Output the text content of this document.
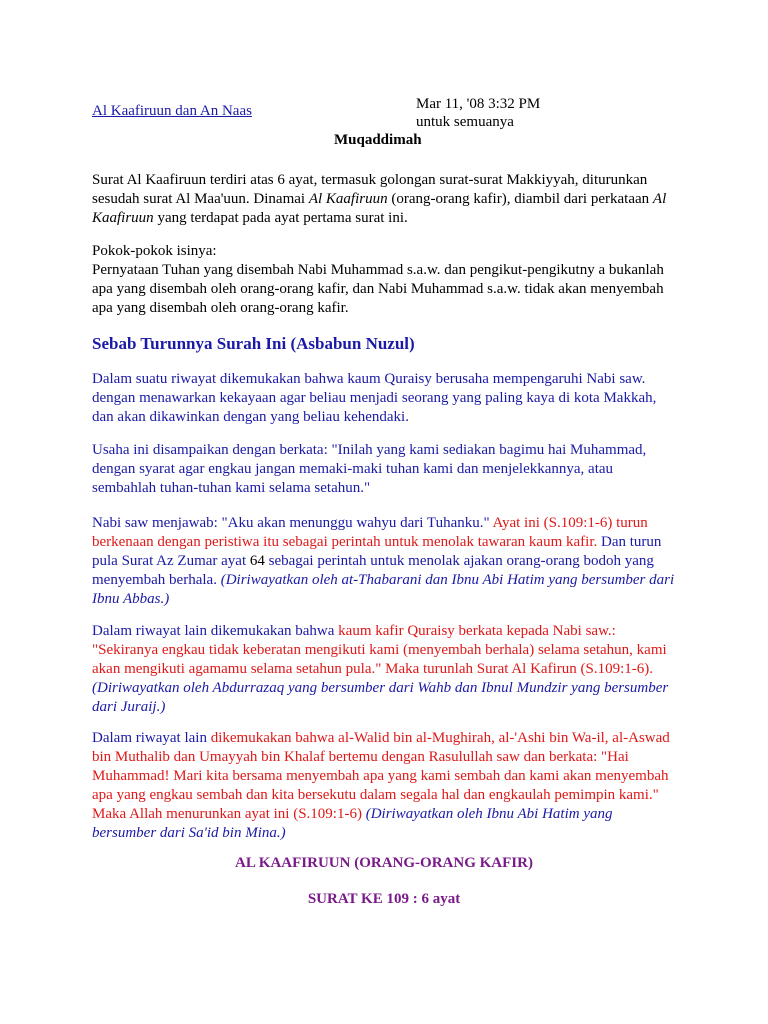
Al Kaafiruun dan An Naas	Mar 11, '08 3:32 PM
untuk semuanya
Muqaddimah
Surat Al Kaafiruun terdiri atas 6 ayat, termasuk golongan surat-surat Makkiyyah, diturunkan sesudah surat Al Maa'uun. Dinamai Al Kaafiruun (orang-orang kafir), diambil dari perkataan Al Kaafiruun yang terdapat pada ayat pertama surat ini.
Pokok-pokok isinya:
Pernyataan Tuhan yang disembah Nabi Muhammad s.a.w. dan pengikut-pengikutny a bukanlah apa yang disembah oleh orang-orang kafir, dan Nabi Muhammad s.a.w. tidak akan menyembah apa yang disembah oleh orang-orang kafir.
Sebab Turunnya Surah Ini (Asbabun Nuzul)
Dalam suatu riwayat dikemukakan bahwa kaum Quraisy berusaha mempengaruhi Nabi saw. dengan menawarkan kekayaan agar beliau menjadi seorang yang paling kaya di kota Makkah, dan akan dikawinkan dengan yang beliau kehendaki.
Usaha ini disampaikan dengan berkata: "Inilah yang kami sediakan bagimu hai Muhammad, dengan syarat agar engkau jangan memaki-maki tuhan kami dan menjelekkannya, atau sembahlah tuhan-tuhan kami selama setahun."
Nabi saw menjawab: "Aku akan menunggu wahyu dari Tuhanku." Ayat ini (S.109:1-6) turun berkenaan dengan peristiwa itu sebagai perintah untuk menolak tawaran kaum kafir. Dan turun pula Surat Az Zumar ayat 64 sebagai perintah untuk menolak ajakan orang-orang bodoh yang menyembah berhala. (Diriwayatkan oleh at-Thabarani dan Ibnu Abi Hatim yang bersumber dari Ibnu Abbas.)
Dalam riwayat lain dikemukakan bahwa kaum kafir Quraisy berkata kepada Nabi saw.: "Sekiranya engkau tidak keberatan mengikuti kami (menyembah berhala) selama setahun, kami akan mengikuti agamamu selama setahun pula." Maka turunlah Surat Al Kafirun (S.109:1-6).(Diriwayatkan oleh Abdurrazaq yang bersumber dari Wahb dan Ibnul Mundzir yang bersumber dari Juraij.)
Dalam riwayat lain dikemukakan bahwa al-Walid bin al-Mughirah, al-'Ashi bin Wa-il, al-Aswad bin Muthalib dan Umayyah bin Khalaf bertemu dengan Rasulullah saw dan berkata: "Hai Muhammad! Mari kita bersama menyembah apa yang kami sembah dan kami akan menyembah apa yang engkau sembah dan kita bersekutu dalam segala hal dan engkaulah pemimpin kami." Maka Allah menurunkan ayat ini (S.109:1-6) (Diriwayatkan oleh Ibnu Abi Hatim yang bersumber dari Sa'id bin Mina.)
AL KAAFIRUUN (ORANG-ORANG KAFIR)
SURAT KE 109 : 6 ayat
